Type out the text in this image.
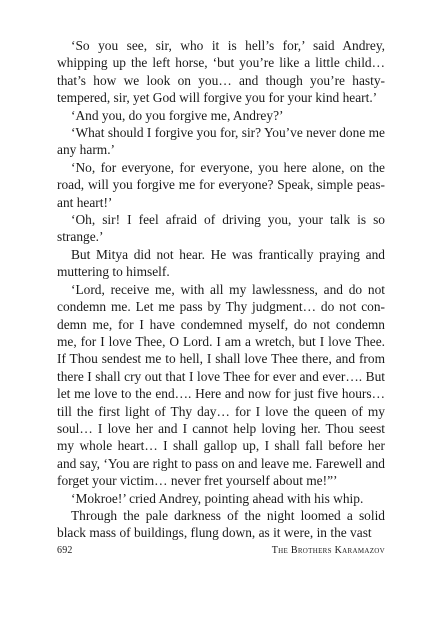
‘So you see, sir, who it is hell’s for,’ said Andrey, whipping up the left horse, ‘but you’re like a little child… that’s how we look on you… and though you’re hasty-tempered, sir, yet God will forgive you for your kind heart.’

‘And you, do you forgive me, Andrey?’

‘What should I forgive you for, sir? You’ve never done me any harm.’

‘No, for everyone, for everyone, you here alone, on the road, will you forgive me for everyone? Speak, simple peasant heart!’

‘Oh, sir! I feel afraid of driving you, your talk is so strange.’

But Mitya did not hear. He was frantically praying and muttering to himself.

‘Lord, receive me, with all my lawlessness, and do not condemn me. Let me pass by Thy judgment… do not condemn me, for I have condemned myself, do not condemn me, for I love Thee, O Lord. I am a wretch, but I love Thee. If Thou sendest me to hell, I shall love Thee there, and from there I shall cry out that I love Thee for ever and ever…. But let me love to the end…. Here and now for just five hours… till the first light of Thy day… for I love the queen of my soul… I love her and I cannot help loving her. Thou seest my whole heart… I shall gallop up, I shall fall before her and say, ‘You are right to pass on and leave me. Farewell and forget your victim… never fret yourself about me!”’

‘Mokroe!’ cried Andrey, pointing ahead with his whip.

Through the pale darkness of the night loomed a solid black mass of buildings, flung down, as it were, in the vast

692	The Brothers Karamazov
